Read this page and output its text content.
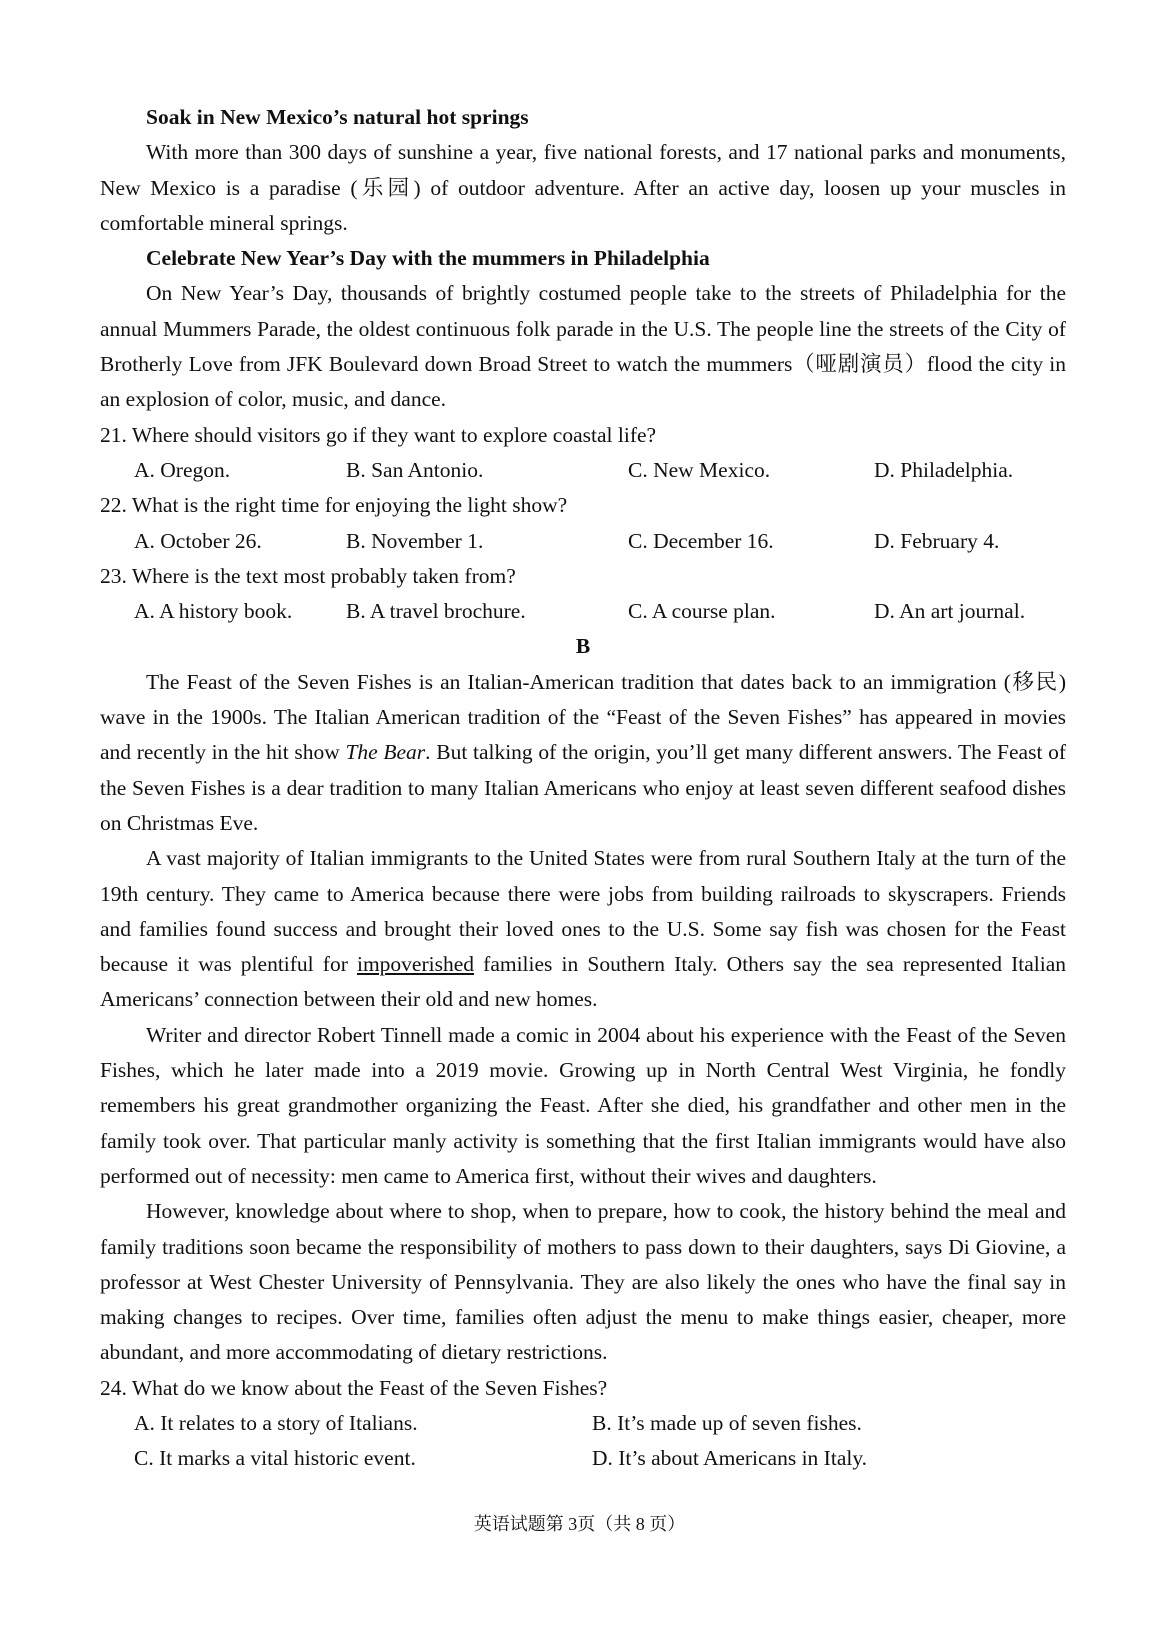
Soak in New Mexico’s natural hot springs

With more than 300 days of sunshine a year, five national forests, and 17 national parks and monuments, New Mexico is a paradise (乐园) of outdoor adventure. After an active day, loosen up your muscles in comfortable mineral springs.

Celebrate New Year’s Day with the mummers in Philadelphia

On New Year’s Day, thousands of brightly costumed people take to the streets of Philadelphia for the annual Mummers Parade, the oldest continuous folk parade in the U.S. The people line the streets of the City of Brotherly Love from JFK Boulevard down Broad Street to watch the mummers（哑剧演员）flood the city in an explosion of color, music, and dance.

21. Where should visitors go if they want to explore coastal life?

A. Oregon.	B. San Antonio.	C. New Mexico.	D. Philadelphia.

22. What is the right time for enjoying the light show?

A. October 26.	B. November 1.	C. December 16.	D. February 4.

23. Where is the text most probably taken from?

A. A history book.	B. A travel brochure.	C. A course plan.	D. An art journal.

B

The Feast of the Seven Fishes is an Italian-American tradition that dates back to an immigration (移民) wave in the 1900s. The Italian American tradition of the “Feast of the Seven Fishes” has appeared in movies and recently in the hit show The Bear. But talking of the origin, you’ll get many different answers. The Feast of the Seven Fishes is a dear tradition to many Italian Americans who enjoy at least seven different seafood dishes on Christmas Eve.

A vast majority of Italian immigrants to the United States were from rural Southern Italy at the turn of the 19th century. They came to America because there were jobs from building railroads to skyscrapers. Friends and families found success and brought their loved ones to the U.S. Some say fish was chosen for the Feast because it was plentiful for impoverished families in Southern Italy. Others say the sea represented Italian Americans’ connection between their old and new homes.

Writer and director Robert Tinnell made a comic in 2004 about his experience with the Feast of the Seven Fishes, which he later made into a 2019 movie. Growing up in North Central West Virginia, he fondly remembers his great grandmother organizing the Feast. After she died, his grandfather and other men in the family took over. That particular manly activity is something that the first Italian immigrants would have also performed out of necessity: men came to America first, without their wives and daughters.

However, knowledge about where to shop, when to prepare, how to cook, the history behind the meal and family traditions soon became the responsibility of mothers to pass down to their daughters, says Di Giovine, a professor at West Chester University of Pennsylvania. They are also likely the ones who have the final say in making changes to recipes. Over time, families often adjust the menu to make things easier, cheaper, more abundant, and more accommodating of dietary restrictions.

24. What do we know about the Feast of the Seven Fishes?

A. It relates to a story of Italians.	B. It’s made up of seven fishes.
C. It marks a vital historic event.	D. It’s about Americans in Italy.
英语试题第 3页（共 8 页）
